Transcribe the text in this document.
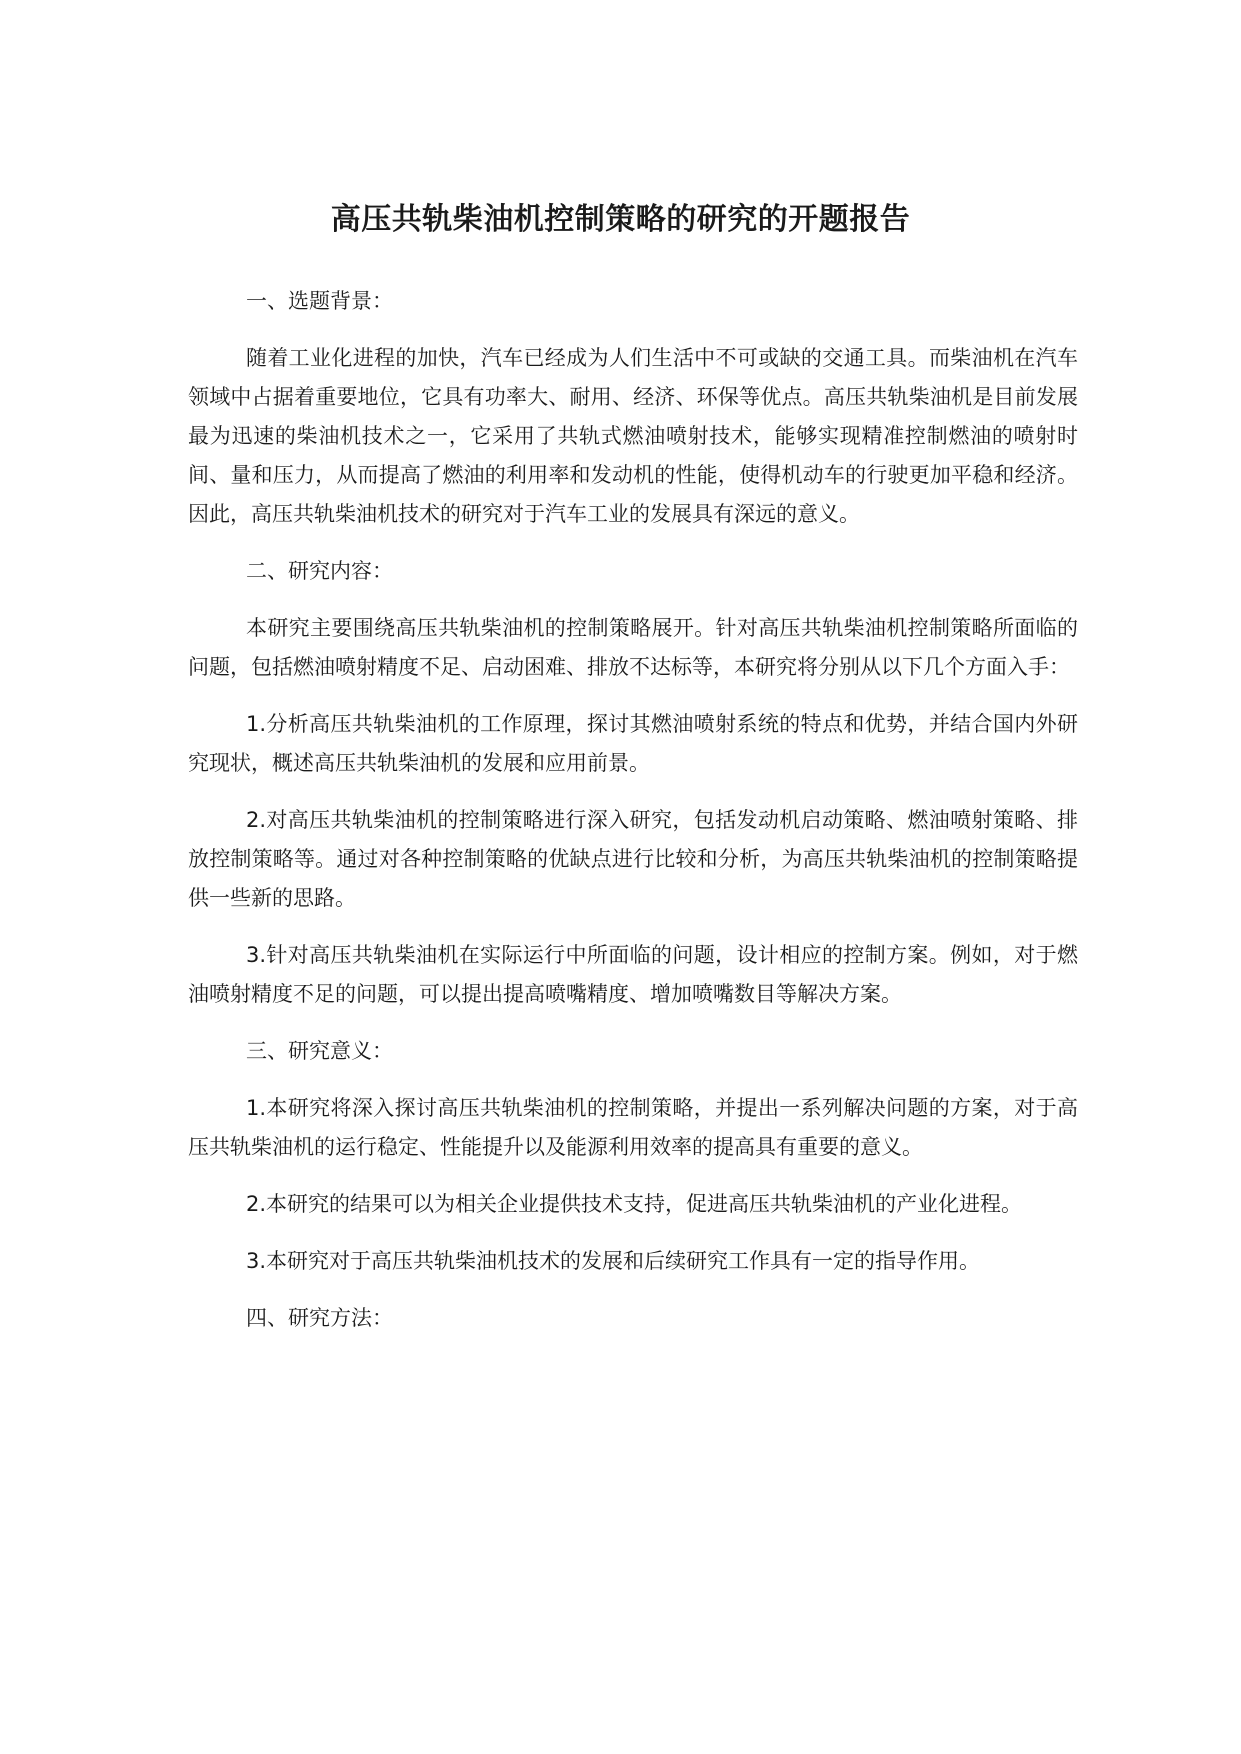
高压共轨柴油机控制策略的研究的开题报告

一、选题背景：

随着工业化进程的加快，汽车已经成为人们生活中不可或缺的交通工具。而柴油机在汽车领域中占据着重要地位，它具有功率大、耐用、经济、环保等优点。高压共轨柴油机是目前发展最为迅速的柴油机技术之一，它采用了共轨式燃油喷射技术，能够实现精准控制燃油的喷射时间、量和压力，从而提高了燃油的利用率和发动机的性能，使得机动车的行驶更加平稳和经济。因此，高压共轨柴油机技术的研究对于汽车工业的发展具有深远的意义。

二、研究内容：

本研究主要围绕高压共轨柴油机的控制策略展开。针对高压共轨柴油机控制策略所面临的问题，包括燃油喷射精度不足、启动困难、排放不达标等，本研究将分别从以下几个方面入手：

1.分析高压共轨柴油机的工作原理，探讨其燃油喷射系统的特点和优势，并结合国内外研究现状，概述高压共轨柴油机的发展和应用前景。

2.对高压共轨柴油机的控制策略进行深入研究，包括发动机启动策略、燃油喷射策略、排放控制策略等。通过对各种控制策略的优缺点进行比较和分析，为高压共轨柴油机的控制策略提供一些新的思路。

3.针对高压共轨柴油机在实际运行中所面临的问题，设计相应的控制方案。例如，对于燃油喷射精度不足的问题，可以提出提高喷嘴精度、增加喷嘴数目等解决方案。

三、研究意义：

1.本研究将深入探讨高压共轨柴油机的控制策略，并提出一系列解决问题的方案，对于高压共轨柴油机的运行稳定、性能提升以及能源利用效率的提高具有重要的意义。

2.本研究的结果可以为相关企业提供技术支持，促进高压共轨柴油机的产业化进程。

3.本研究对于高压共轨柴油机技术的发展和后续研究工作具有一定的指导作用。

四、研究方法：
